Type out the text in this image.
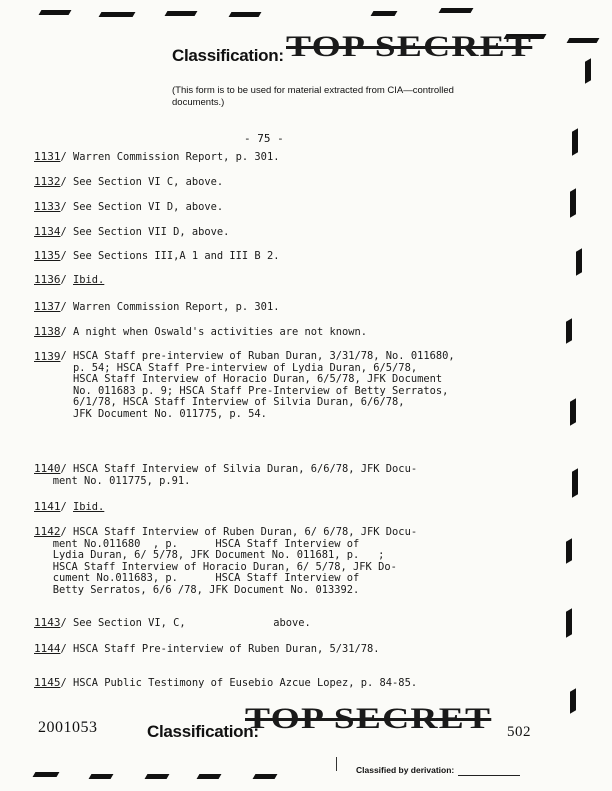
Classification: TOP SECRET
(This form is to be used for material extracted from CIA—controlled documents.)
- 75 -
1131/ Warren Commission Report, p. 301.
1132/ See Section VI C, above.
1133/ See Section VI D, above.
1134/ See Section VII D, above.
1135/ See Sections III,A 1 and III B 2.
1136/ Ibid.
1137/ Warren Commission Report, p. 301.
1138/ A night when Oswald's activities are not known.
1139 / HSCA Staff pre-interview of Ruban Duran, 3/31/78, No. 011680,
p. 54; HSCA Staff Pre-interview of Lydia Duran, 6/5/78,
HSCA Staff Interview of Horacio Duran, 6/5/78, JFK Document
No. 011683 p. 9; HSCA Staff Pre-Interview of Betty Serratos,
6/1/78, HSCA Staff Interview of Silvia Duran, 6/6/78,
JFK Document No. 011775, p. 54.
1140/ HSCA Staff Interview of Silvia Duran, 6/6/78, JFK Docu-
ment No. 011775, p.91.
1141/ Ibid.
1142/ HSCA Staff Interview of Ruben Duran, 6/ 6/78, JFK Docu-
ment No.011680  , p.      HSCA Staff Interview of
Lydia Duran, 6/ 5/78, JFK Document No. 011681, p.   ;
HSCA Staff Interview of Horacio Duran, 6/ 5/78, JFK Do-
cument No.011683, p.      HSCA Staff Interview of
Betty Serratos, 6/6 /78, JFK Document No. 013392.
1143/ See Section VI, C,              above.
1144/ HSCA Staff Pre-interview of Ruben Duran, 5/31/78.
1145/ HSCA Public Testimony of Eusebio Azcue Lopez, p. 84-85.
2001053	Classification:
TOP SECRET 502
Classified by derivation:
